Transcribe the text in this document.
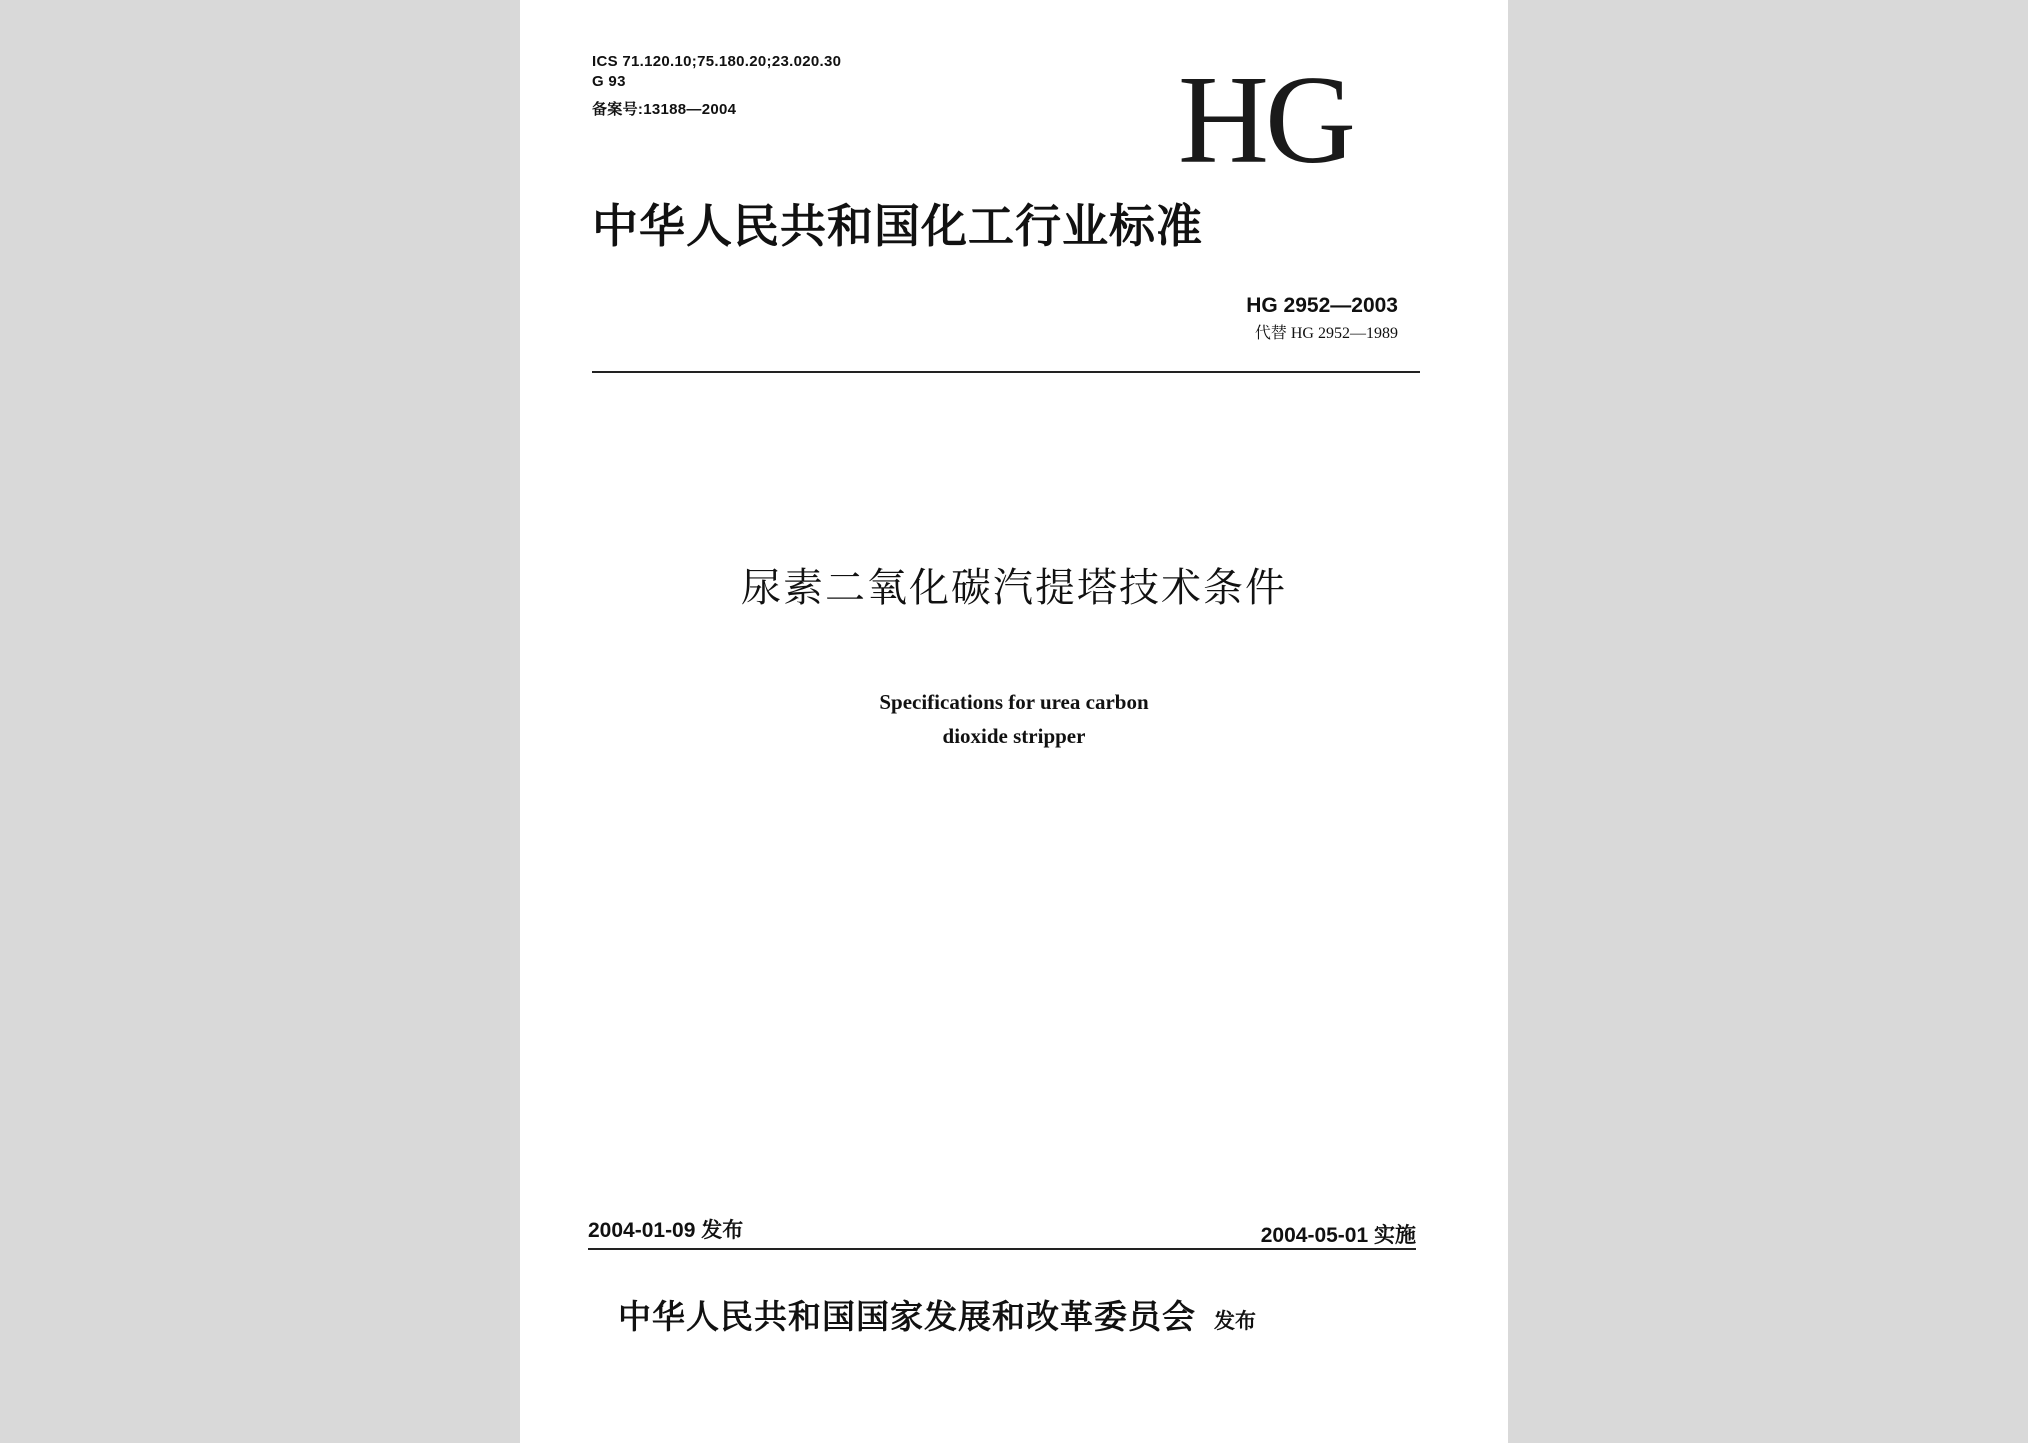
ICS 71.120.10;75.180.20;23.020.30
G 93
备案号:13188—2004	HG
中华人民共和国化工行业标准
HG 2952—2003
代替 HG 2952—1989
尿素二氧化碳汽提塔技术条件
Specifications for urea carbon
dioxide stripper
2004-01-09 发布	2004-05-01 实施
中华人民共和国国家发展和改革委员会 发布
